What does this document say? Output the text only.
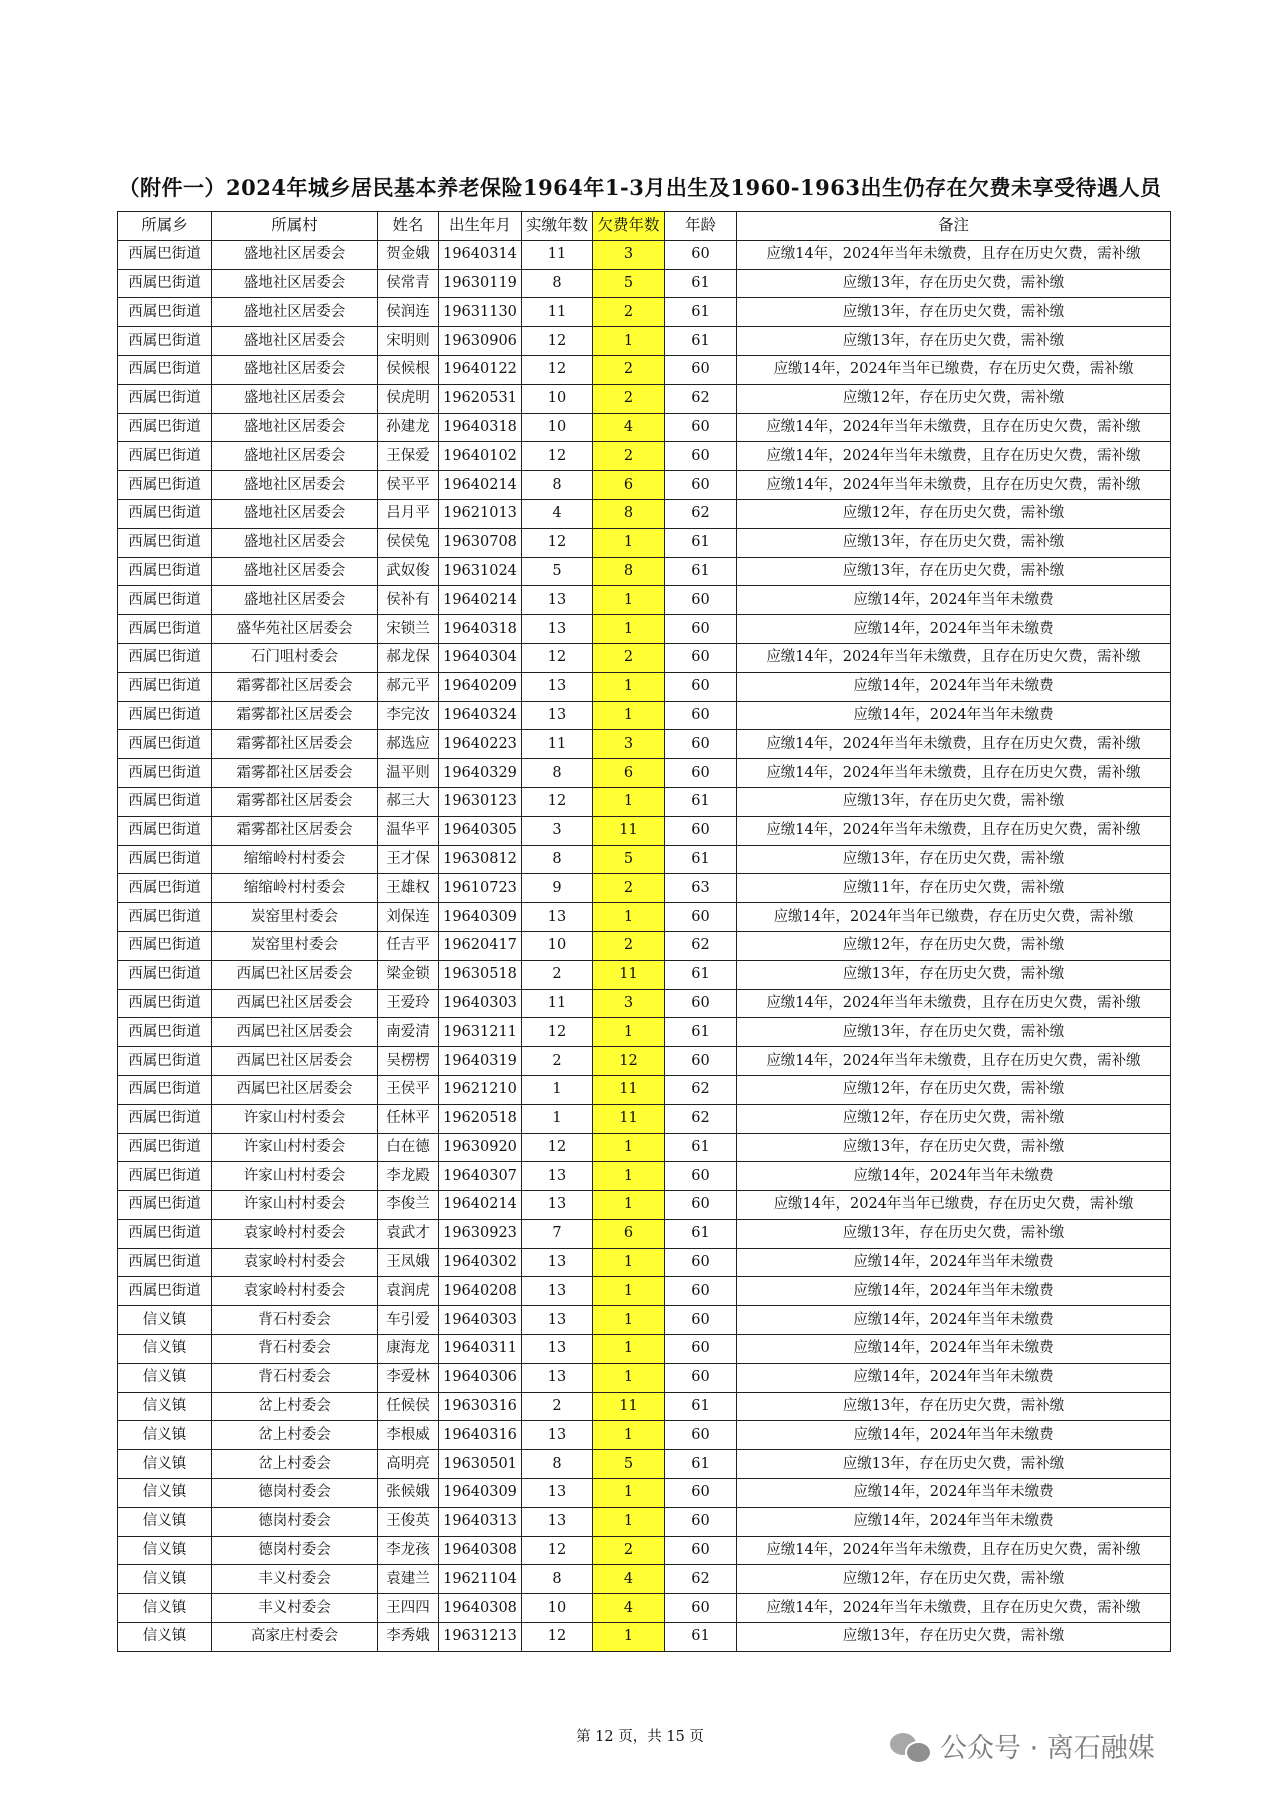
（附件一）2024年城乡居民基本养老保险1964年1-3月出生及1960-1963出生仍存在欠费未享受待遇人员
所属乡	所属村	姓名	出生年月	实缴年数	欠费年数	年龄	备注
西属巴街道	盛地社区居委会	贺金娥	19640314	11	3	60	应缴14年，2024年当年未缴费，且存在历史欠费，需补缴
西属巴街道	盛地社区居委会	侯常青	19630119	8	5	61	应缴13年，存在历史欠费，需补缴
西属巴街道	盛地社区居委会	侯润连	19631130	11	2	61	应缴13年，存在历史欠费，需补缴
西属巴街道	盛地社区居委会	宋明则	19630906	12	1	61	应缴13年，存在历史欠费，需补缴
西属巴街道	盛地社区居委会	侯候根	19640122	12	2	60	应缴14年，2024年当年已缴费，存在历史欠费，需补缴
西属巴街道	盛地社区居委会	侯虎明	19620531	10	2	62	应缴12年，存在历史欠费，需补缴
西属巴街道	盛地社区居委会	孙建龙	19640318	10	4	60	应缴14年，2024年当年未缴费，且存在历史欠费，需补缴
西属巴街道	盛地社区居委会	王保爱	19640102	12	2	60	应缴14年，2024年当年未缴费，且存在历史欠费，需补缴
西属巴街道	盛地社区居委会	侯平平	19640214	8	6	60	应缴14年，2024年当年未缴费，且存在历史欠费，需补缴
西属巴街道	盛地社区居委会	吕月平	19621013	4	8	62	应缴12年，存在历史欠费，需补缴
西属巴街道	盛地社区居委会	侯侯兔	19630708	12	1	61	应缴13年，存在历史欠费，需补缴
西属巴街道	盛地社区居委会	武奴俊	19631024	5	8	61	应缴13年，存在历史欠费，需补缴
西属巴街道	盛地社区居委会	侯补有	19640214	13	1	60	应缴14年，2024年当年未缴费
西属巴街道	盛华苑社区居委会	宋锁兰	19640318	13	1	60	应缴14年，2024年当年未缴费
西属巴街道	石门咀村委会	郝龙保	19640304	12	2	60	应缴14年，2024年当年未缴费，且存在历史欠费，需补缴
西属巴街道	霜雾都社区居委会	郝元平	19640209	13	1	60	应缴14年，2024年当年未缴费
西属巴街道	霜雾都社区居委会	李完汝	19640324	13	1	60	应缴14年，2024年当年未缴费
西属巴街道	霜雾都社区居委会	郝选应	19640223	11	3	60	应缴14年，2024年当年未缴费，且存在历史欠费，需补缴
西属巴街道	霜雾都社区居委会	温平则	19640329	8	6	60	应缴14年，2024年当年未缴费，且存在历史欠费，需补缴
西属巴街道	霜雾都社区居委会	郝三大	19630123	12	1	61	应缴13年，存在历史欠费，需补缴
西属巴街道	霜雾都社区居委会	温华平	19640305	3	11	60	应缴14年，2024年当年未缴费，且存在历史欠费，需补缴
西属巴街道	缩缩岭村村委会	王才保	19630812	8	5	61	应缴13年，存在历史欠费，需补缴
西属巴街道	缩缩岭村村委会	王雄权	19610723	9	2	63	应缴11年，存在历史欠费，需补缴
西属巴街道	炭窑里村委会	刘保连	19640309	13	1	60	应缴14年，2024年当年已缴费，存在历史欠费，需补缴
西属巴街道	炭窑里村委会	任吉平	19620417	10	2	62	应缴12年，存在历史欠费，需补缴
西属巴街道	西属巴社区居委会	梁金锁	19630518	2	11	61	应缴13年，存在历史欠费，需补缴
西属巴街道	西属巴社区居委会	王爱玲	19640303	11	3	60	应缴14年，2024年当年未缴费，且存在历史欠费，需补缴
西属巴街道	西属巴社区居委会	南爱清	19631211	12	1	61	应缴13年，存在历史欠费，需补缴
西属巴街道	西属巴社区居委会	吴楞楞	19640319	2	12	60	应缴14年，2024年当年未缴费，且存在历史欠费，需补缴
西属巴街道	西属巴社区居委会	王侯平	19621210	1	11	62	应缴12年，存在历史欠费，需补缴
西属巴街道	许家山村村委会	任林平	19620518	1	11	62	应缴12年，存在历史欠费，需补缴
西属巴街道	许家山村村委会	白在德	19630920	12	1	61	应缴13年，存在历史欠费，需补缴
西属巴街道	许家山村村委会	李龙殿	19640307	13	1	60	应缴14年，2024年当年未缴费
西属巴街道	许家山村村委会	李俊兰	19640214	13	1	60	应缴14年，2024年当年已缴费，存在历史欠费，需补缴
西属巴街道	袁家岭村村委会	袁武才	19630923	7	6	61	应缴13年，存在历史欠费，需补缴
西属巴街道	袁家岭村村委会	王凤娥	19640302	13	1	60	应缴14年，2024年当年未缴费
西属巴街道	袁家岭村村委会	袁润虎	19640208	13	1	60	应缴14年，2024年当年未缴费
信义镇	背石村委会	车引爱	19640303	13	1	60	应缴14年，2024年当年未缴费
信义镇	背石村委会	康海龙	19640311	13	1	60	应缴14年，2024年当年未缴费
信义镇	背石村委会	李爱林	19640306	13	1	60	应缴14年，2024年当年未缴费
信义镇	岔上村委会	任候侯	19630316	2	11	61	应缴13年，存在历史欠费，需补缴
信义镇	岔上村委会	李根威	19640316	13	1	60	应缴14年，2024年当年未缴费
信义镇	岔上村委会	高明亮	19630501	8	5	61	应缴13年，存在历史欠费，需补缴
信义镇	德岗村委会	张候娥	19640309	13	1	60	应缴14年，2024年当年未缴费
信义镇	德岗村委会	王俊英	19640313	13	1	60	应缴14年，2024年当年未缴费
信义镇	德岗村委会	李龙孩	19640308	12	2	60	应缴14年，2024年当年未缴费，且存在历史欠费，需补缴
信义镇	丰义村委会	袁建兰	19621104	8	4	62	应缴12年，存在历史欠费，需补缴
信义镇	丰义村委会	王四四	19640308	10	4	60	应缴14年，2024年当年未缴费，且存在历史欠费，需补缴
信义镇	高家庄村委会	李秀娥	19631213	12	1	61	应缴13年，存在历史欠费，需补缴
第 12 页，共 15 页	公众号 · 离石融媒
